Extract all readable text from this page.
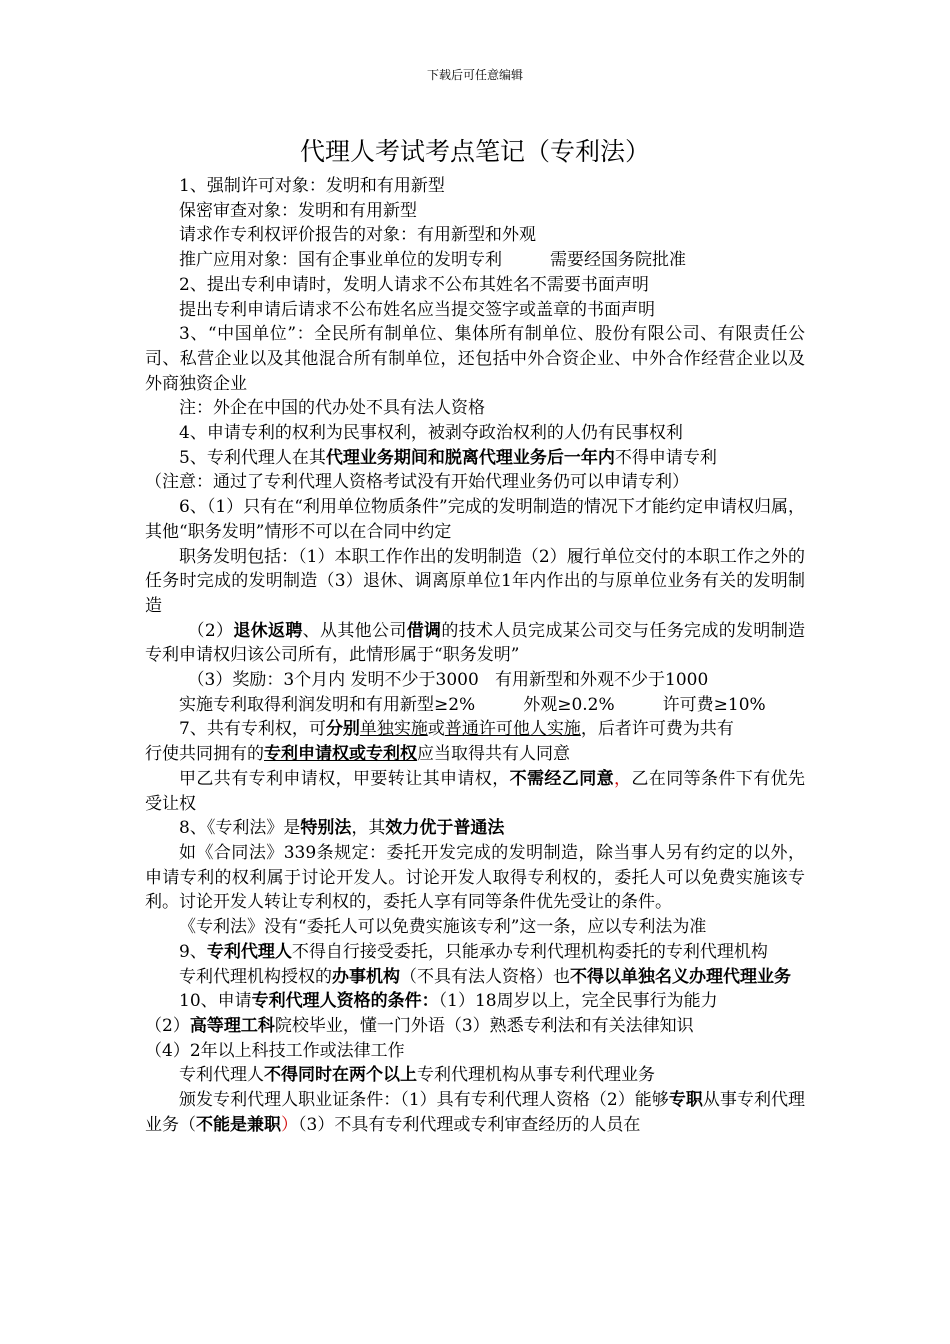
下载后可任意编辑
代理人考试考点笔记（专利法）

1、强制许可对象：发明和有用新型

保密审查对象：发明和有用新型

请求作专利权评价报告的对象：有用新型和外观

推广应用对象：国有企事业单位的发明专利	需要经国务院批准

2、提出专利申请时，发明人请求不公布其姓名不需要书面声明

提出专利申请后请求不公布姓名应当提交签字或盖章的书面声明

3、“中国单位”：全民所有制单位、集体所有制单位、股份有限公司、有限责任公司、私营企业以及其他混合所有制单位，还包括中外合资企业、中外合作经营企业以及外商独资企业

注：外企在中国的代办处不具有法人资格

4、申请专利的权利为民事权利，被剥夺政治权利的人仍有民事权利

5、专利代理人在其代理业务期间和脱离代理业务后一年内不得申请专利

（注意：通过了专利代理人资格考试没有开始代理业务仍可以申请专利）

6、（1）只有在“利用单位物质条件”完成的发明制造的情况下才能约定申请权归属，其他“职务发明”情形不可以在合同中约定

职务发明包括：（1）本职工作作出的发明制造（2）履行单位交付的本职工作之外的任务时完成的发明制造（3）退休、调离原单位1年内作出的与原单位业务有关的发明制造

（2）退休返聘、从其他公司借调的技术人员完成某公司交与任务完成的发明制造专利申请权归该公司所有，此情形属于“职务发明”

（3）奖励：3个月内 发明不少于3000 有用新型和外观不少于1000

实施专利取得利润发明和有用新型≥2%	外观≥0.2%	许可费≥10%

7、共有专利权，可分别单独实施或普通许可他人实施，后者许可费为共有

行使共同拥有的专利申请权或专利权应当取得共有人同意

甲乙共有专利申请权，甲要转让其申请权，不需经乙同意，乙在同等条件下有优先受让权

8、《专利法》是特别法，其效力优于普通法

如《合同法》339条规定：委托开发完成的发明制造，除当事人另有约定的以外，申请专利的权利属于讨论开发人。讨论开发人取得专利权的，委托人可以免费实施该专利。讨论开发人转让专利权的，委托人享有同等条件优先受让的条件。

《专利法》没有“委托人可以免费实施该专利”这一条，应以专利法为准

9、专利代理人不得自行接受委托，只能承办专利代理机构委托的专利代理机构

专利代理机构授权的办事机构（不具有法人资格）也不得以单独名义办理代理业务

10、申请专利代理人资格的条件：（1）18周岁以上，完全民事行为能力

（2）高等理工科院校毕业，懂一门外语（3）熟悉专利法和有关法律知识

（4）2年以上科技工作或法律工作

专利代理人不得同时在两个以上专利代理机构从事专利代理业务

颁发专利代理人职业证条件：（1）具有专利代理人资格（2）能够专职从事专利代理业务（不能是兼职）（3）不具有专利代理或专利审查经历的人员在
